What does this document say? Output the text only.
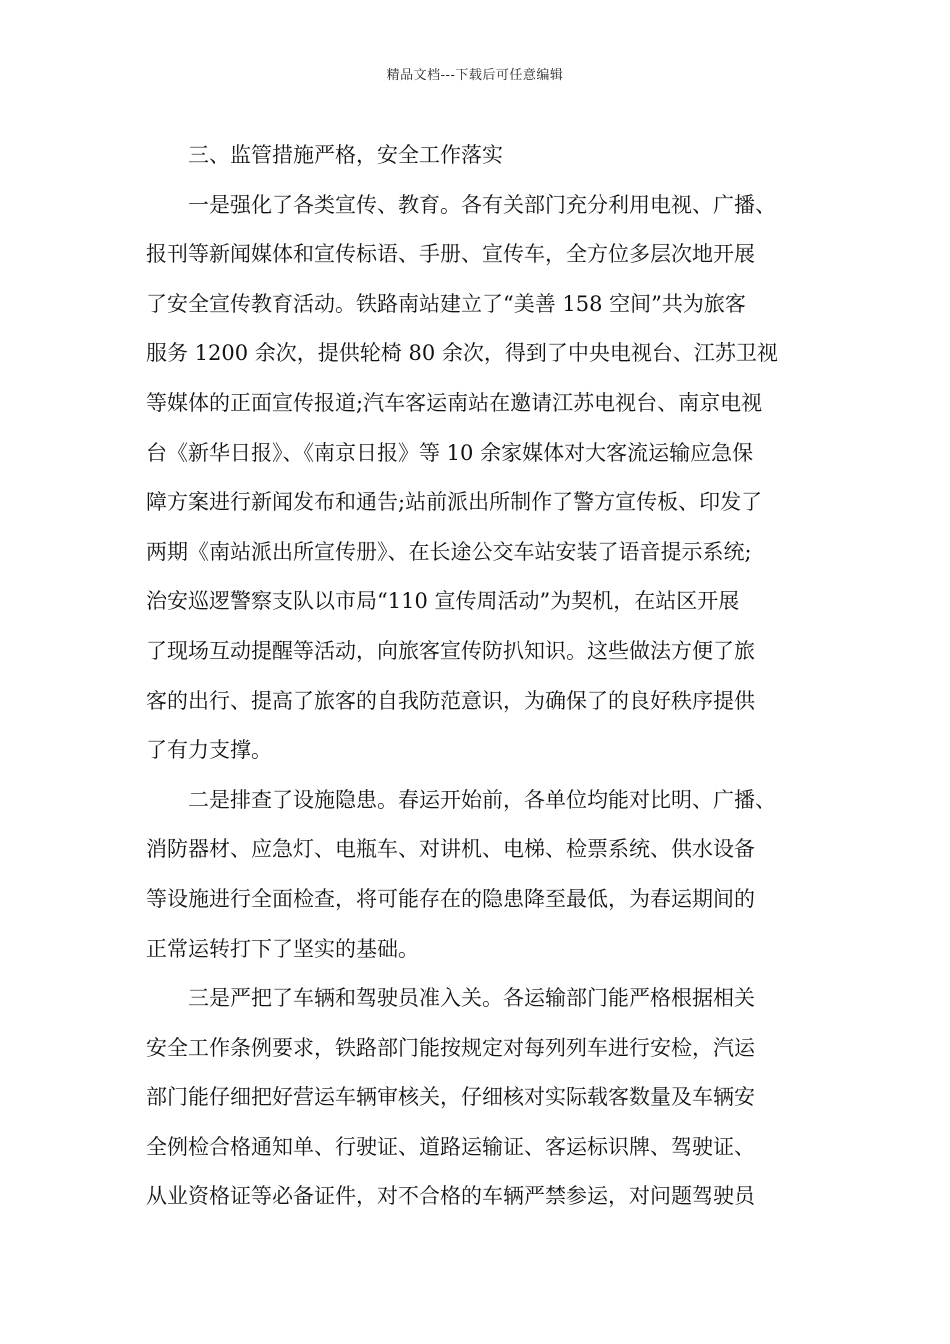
精品文档---下载后可任意编辑
三、监管措施严格，安全工作落实
一是强化了各类宣传、教育。各有关部门充分利用电视、广播、
报刊等新闻媒体和宣传标语、手册、宣传车，全方位多层次地开展
了安全宣传教育活动。铁路南站建立了“美善 158 空间”共为旅客
服务 1200 余次，提供轮椅 80 余次，得到了中央电视台、江苏卫视
等媒体的正面宣传报道;汽车客运南站在邀请江苏电视台、南京电视
台《新华日报》、《南京日报》等 10 余家媒体对大客流运输应急保
障方案进行新闻发布和通告;站前派出所制作了警方宣传板、印发了
两期《南站派出所宣传册》、在长途公交车站安装了语音提示系统;
治安巡逻警察支队以市局“110 宣传周活动”为契机，在站区开展
了现场互动提醒等活动，向旅客宣传防扒知识。这些做法方便了旅
客的出行、提高了旅客的自我防范意识，为确保了的良好秩序提供
了有力支撑。
二是排查了设施隐患。春运开始前，各单位均能对比明、广播、
消防器材、应急灯、电瓶车、对讲机、电梯、检票系统、供水设备
等设施进行全面检查，将可能存在的隐患降至最低，为春运期间的
正常运转打下了坚实的基础。
三是严把了车辆和驾驶员准入关。各运输部门能严格根据相关
安全工作条例要求，铁路部门能按规定对每列列车进行安检，汽运
部门能仔细把好营运车辆审核关，仔细核对实际载客数量及车辆安
全例检合格通知单、行驶证、道路运输证、客运标识牌、驾驶证、
从业资格证等必备证件，对不合格的车辆严禁参运，对问题驾驶员
